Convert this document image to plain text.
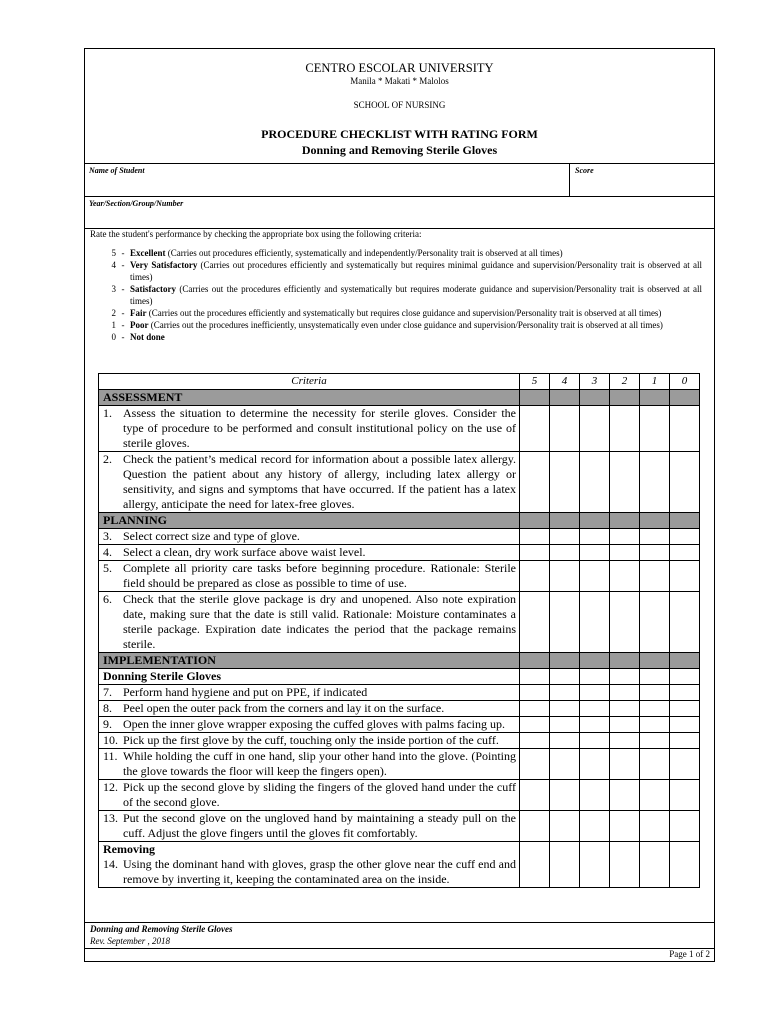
CENTRO ESCOLAR UNIVERSITY
Manila * Makati * Malolos
SCHOOL OF NURSING
PROCEDURE CHECKLIST WITH RATING FORM
Donning and Removing Sterile Gloves
Name of Student	Score
Year/Section/Group/Number
Rate the student's performance by checking the appropriate box using the following criteria:
5 - Excellent (Carries out procedures efficiently, systematically and independently/Personality trait is observed at all times)
4 - Very Satisfactory (Carries out procedures efficiently and systematically but requires minimal guidance and supervision/Personality trait is observed at all times)
3 - Satisfactory (Carries out the procedures efficiently and systematically but requires moderate guidance and supervision/Personality trait is observed at all times)
2 - Fair (Carries out the procedures efficiently and systematically but requires close guidance and supervision/Personality trait is observed at all times)
1 - Poor (Carries out the procedures inefficiently, unsystematically even under close guidance and supervision/Personality trait is observed at all times)
0 - Not done
Criteria	5	4	3	2	1	0
ASSESSMENT						

1. Assess the situation to determine the necessity for sterile gloves. Consider the type of procedure to be performed and consult institutional policy on the use of sterile gloves.						

2. Check the patient’s medical record for information about a possible latex allergy. Question the patient about any history of allergy, including latex allergy or sensitivity, and signs and symptoms that have occurred. If the patient has a latex allergy, anticipate the need for latex-free gloves.						

PLANNING						

3. Select correct size and type of glove.						

4. Select a clean, dry work surface above waist level.						

5. Complete all priority care tasks before beginning procedure. Rationale: Sterile field should be prepared as close as possible to time of use.						

6. Check that the sterile glove package is dry and unopened. Also note expiration date, making sure that the date is still valid. Rationale: Moisture contaminates a sterile package. Expiration date indicates the period that the package remains sterile.						

IMPLEMENTATION						
Donning Sterile Gloves						

7. Perform hand hygiene and put on PPE, if indicated						

8. Peel open the outer pack from the corners and lay it on the surface.						

9. Open the inner glove wrapper exposing the cuffed gloves with palms facing up.						

10. Pick up the first glove by the cuff, touching only the inside portion of the cuff.						

11. While holding the cuff in one hand, slip your other hand into the glove. (Pointing the glove towards the floor will keep the fingers open).						

12. Pick up the second glove by sliding the fingers of the gloved hand under the cuff of the second glove.						

13. Put the second glove on the ungloved hand by maintaining a steady pull on the cuff. Adjust the glove fingers until the gloves fit comfortably.						

Removing						

14. Using the dominant hand with gloves, grasp the other glove near the cuff end and remove by inverting it, keeping the contaminated area on the inside.						
Donning and Removing Sterile Gloves
Rev. September , 2018
Page 1 of 2
